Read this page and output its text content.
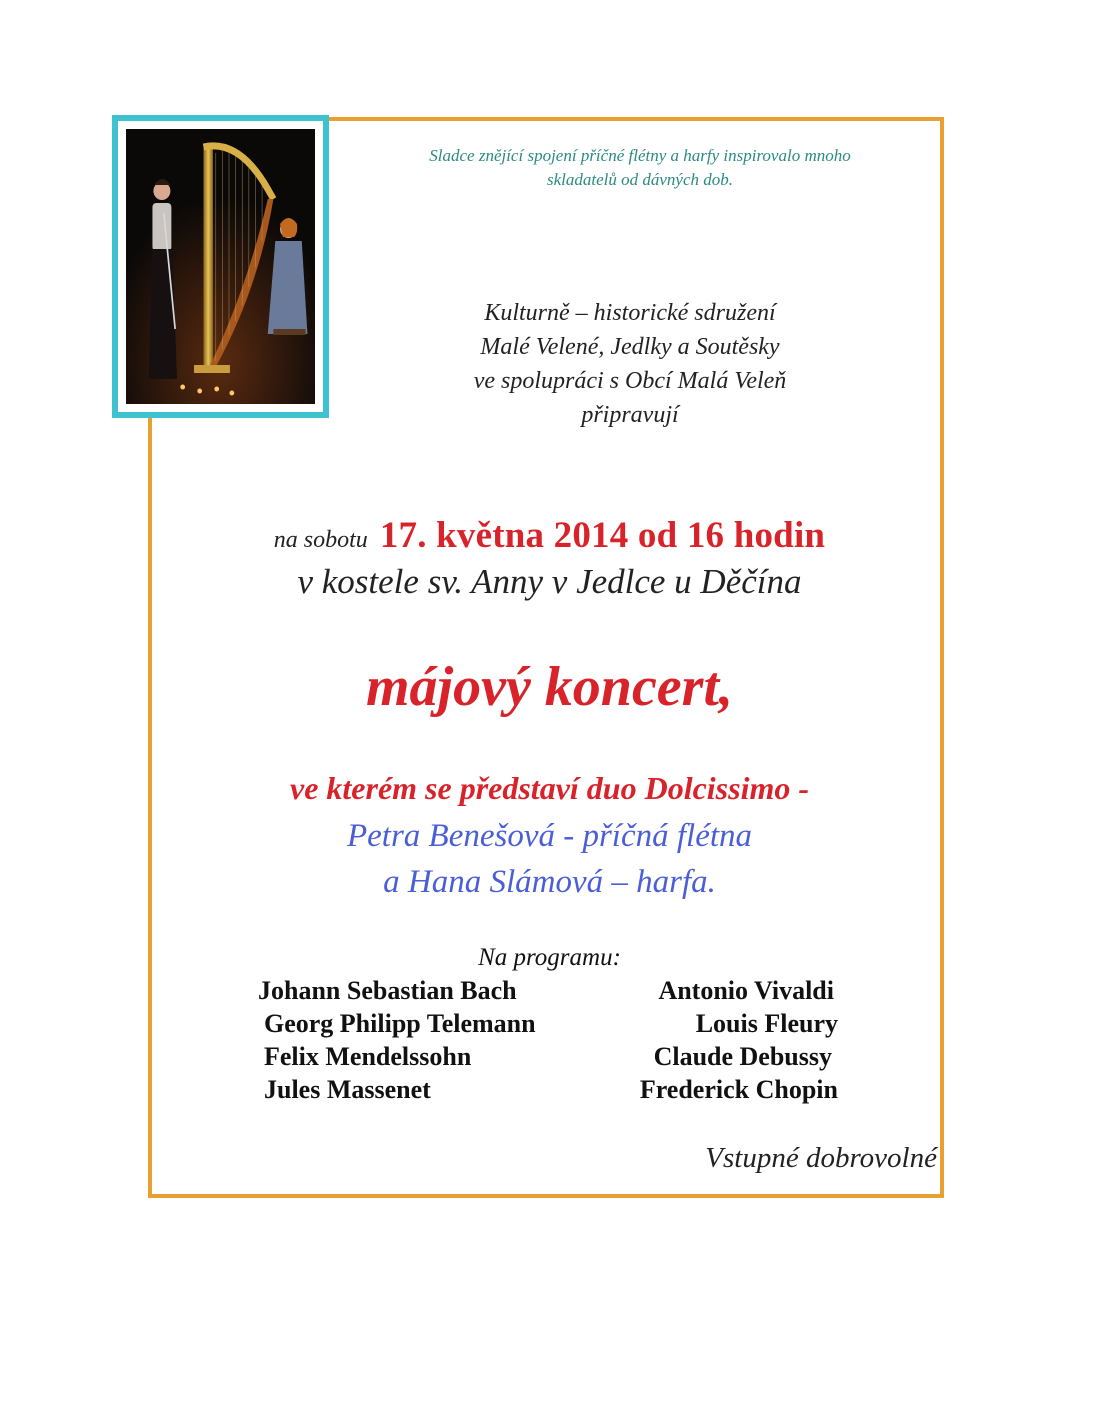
Sladce znějící spojení příčné flétny a harfy inspirovalo mnoho
skladatelů od dávných dob.
Kulturně – historické sdružení
Malé Velené, Jedlky a Soutěsky
ve spolupráci s Obcí Malá Veleň
připravují
na sobotu 17. května 2014 od 16 hodin
v kostele sv. Anny v Jedlce u Děčína
májový koncert,
ve kterém se představí duo Dolcissimo -
Petra Benešová - příčná flétna
a Hana Slámová – harfa.
Na programu:
Johann Sebastian Bach	Antonio Vivaldi
Georg Philipp Telemann	Louis Fleury
Felix Mendelssohn	Claude Debussy
Jules Massenet	Frederick Chopin
Vstupné dobrovolné
